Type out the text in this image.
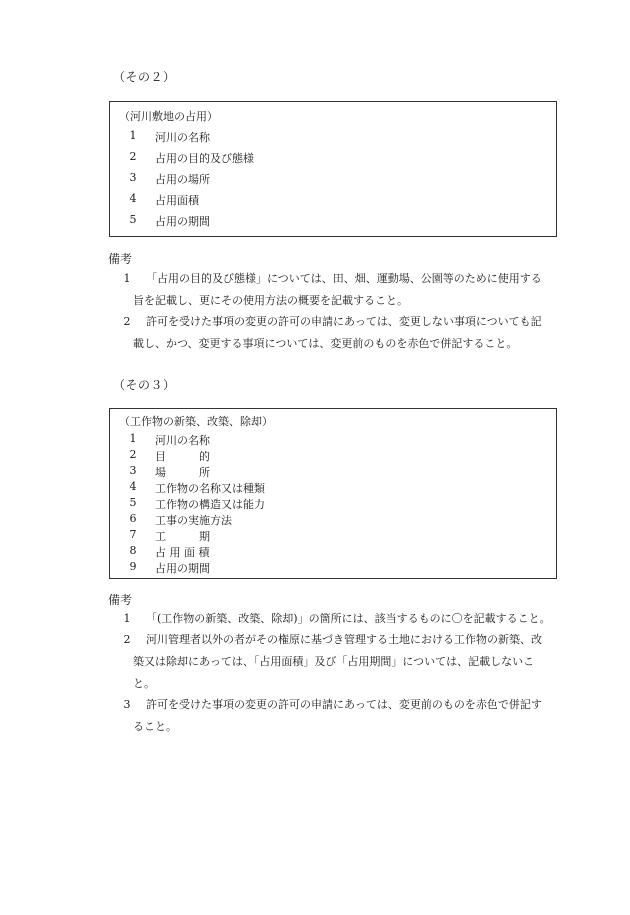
（その２）
（河川敷地の占用）
1	河川の名称
2	占用の目的及び態様
3	占用の場所
4	占用面積
5	占用の期間
備考
1 「占用の目的及び態様」については、田、畑、運動場、公園等のために使用する
旨を記載し、更にその使用方法の概要を記載すること。
2 許可を受けた事項の変更の許可の申請にあっては、変更しない事項についても記
載し、かつ、変更する事項については、変更前のものを赤色で併記すること。
（その３）
（工作物の新築、改築、除却）
1	河川の名称
2	目　　　的
3	場　　　所
4	工作物の名称又は種類
5	工作物の構造又は能力
6	工事の実施方法
7	工　　　期
8	占 用 面 積
9	占用の期間
備考
1 「(工作物の新築、改築、除却)」の箇所には、該当するものに〇を記載すること。
2 河川管理者以外の者がその権原に基づき管理する土地における工作物の新築、改
築又は除却にあっては、「占用面積」及び「占用期間」については、記載しないこ
と。
3 許可を受けた事項の変更の許可の申請にあっては、変更前のものを赤色で併記す
ること。
